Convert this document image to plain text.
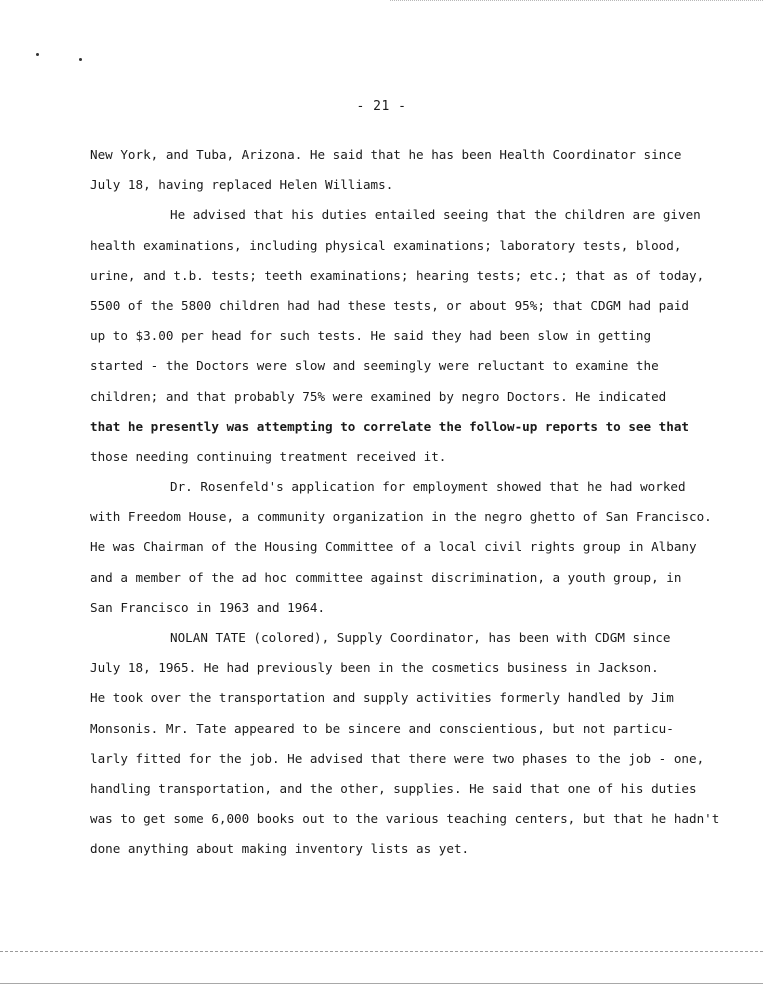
- 21 -
New York, and Tuba, Arizona. He said that he has been Health Coordinator since
July 18, having replaced Helen Williams.
He advised that his duties entailed seeing that the children are given
health examinations, including physical examinations; laboratory tests, blood,
urine, and t.b. tests; teeth examinations; hearing tests; etc.; that as of today,
5500 of the 5800 children had had these tests, or about 95%; that CDGM had paid
up to $3.00 per head for such tests. He said they had been slow in getting
started - the Doctors were slow and seemingly were reluctant to examine the
children; and that probably 75% were examined by negro Doctors. He indicated
that he presently was attempting to correlate the follow-up reports to see that
those needing continuing treatment received it.
Dr. Rosenfeld's application for employment showed that he had worked
with Freedom House, a community organization in the negro ghetto of San Francisco.
He was Chairman of the Housing Committee of a local civil rights group in Albany
and a member of the ad hoc committee against discrimination, a youth group, in
San Francisco in 1963 and 1964.
NOLAN TATE (colored), Supply Coordinator, has been with CDGM since
July 18, 1965. He had previously been in the cosmetics business in Jackson.
He took over the transportation and supply activities formerly handled by Jim
Monsonis. Mr. Tate appeared to be sincere and conscientious, but not particu-
larly fitted for the job. He advised that there were two phases to the job - one,
handling transportation, and the other, supplies. He said that one of his duties
was to get some 6,000 books out to the various teaching centers, but that he hadn't
done anything about making inventory lists as yet.
